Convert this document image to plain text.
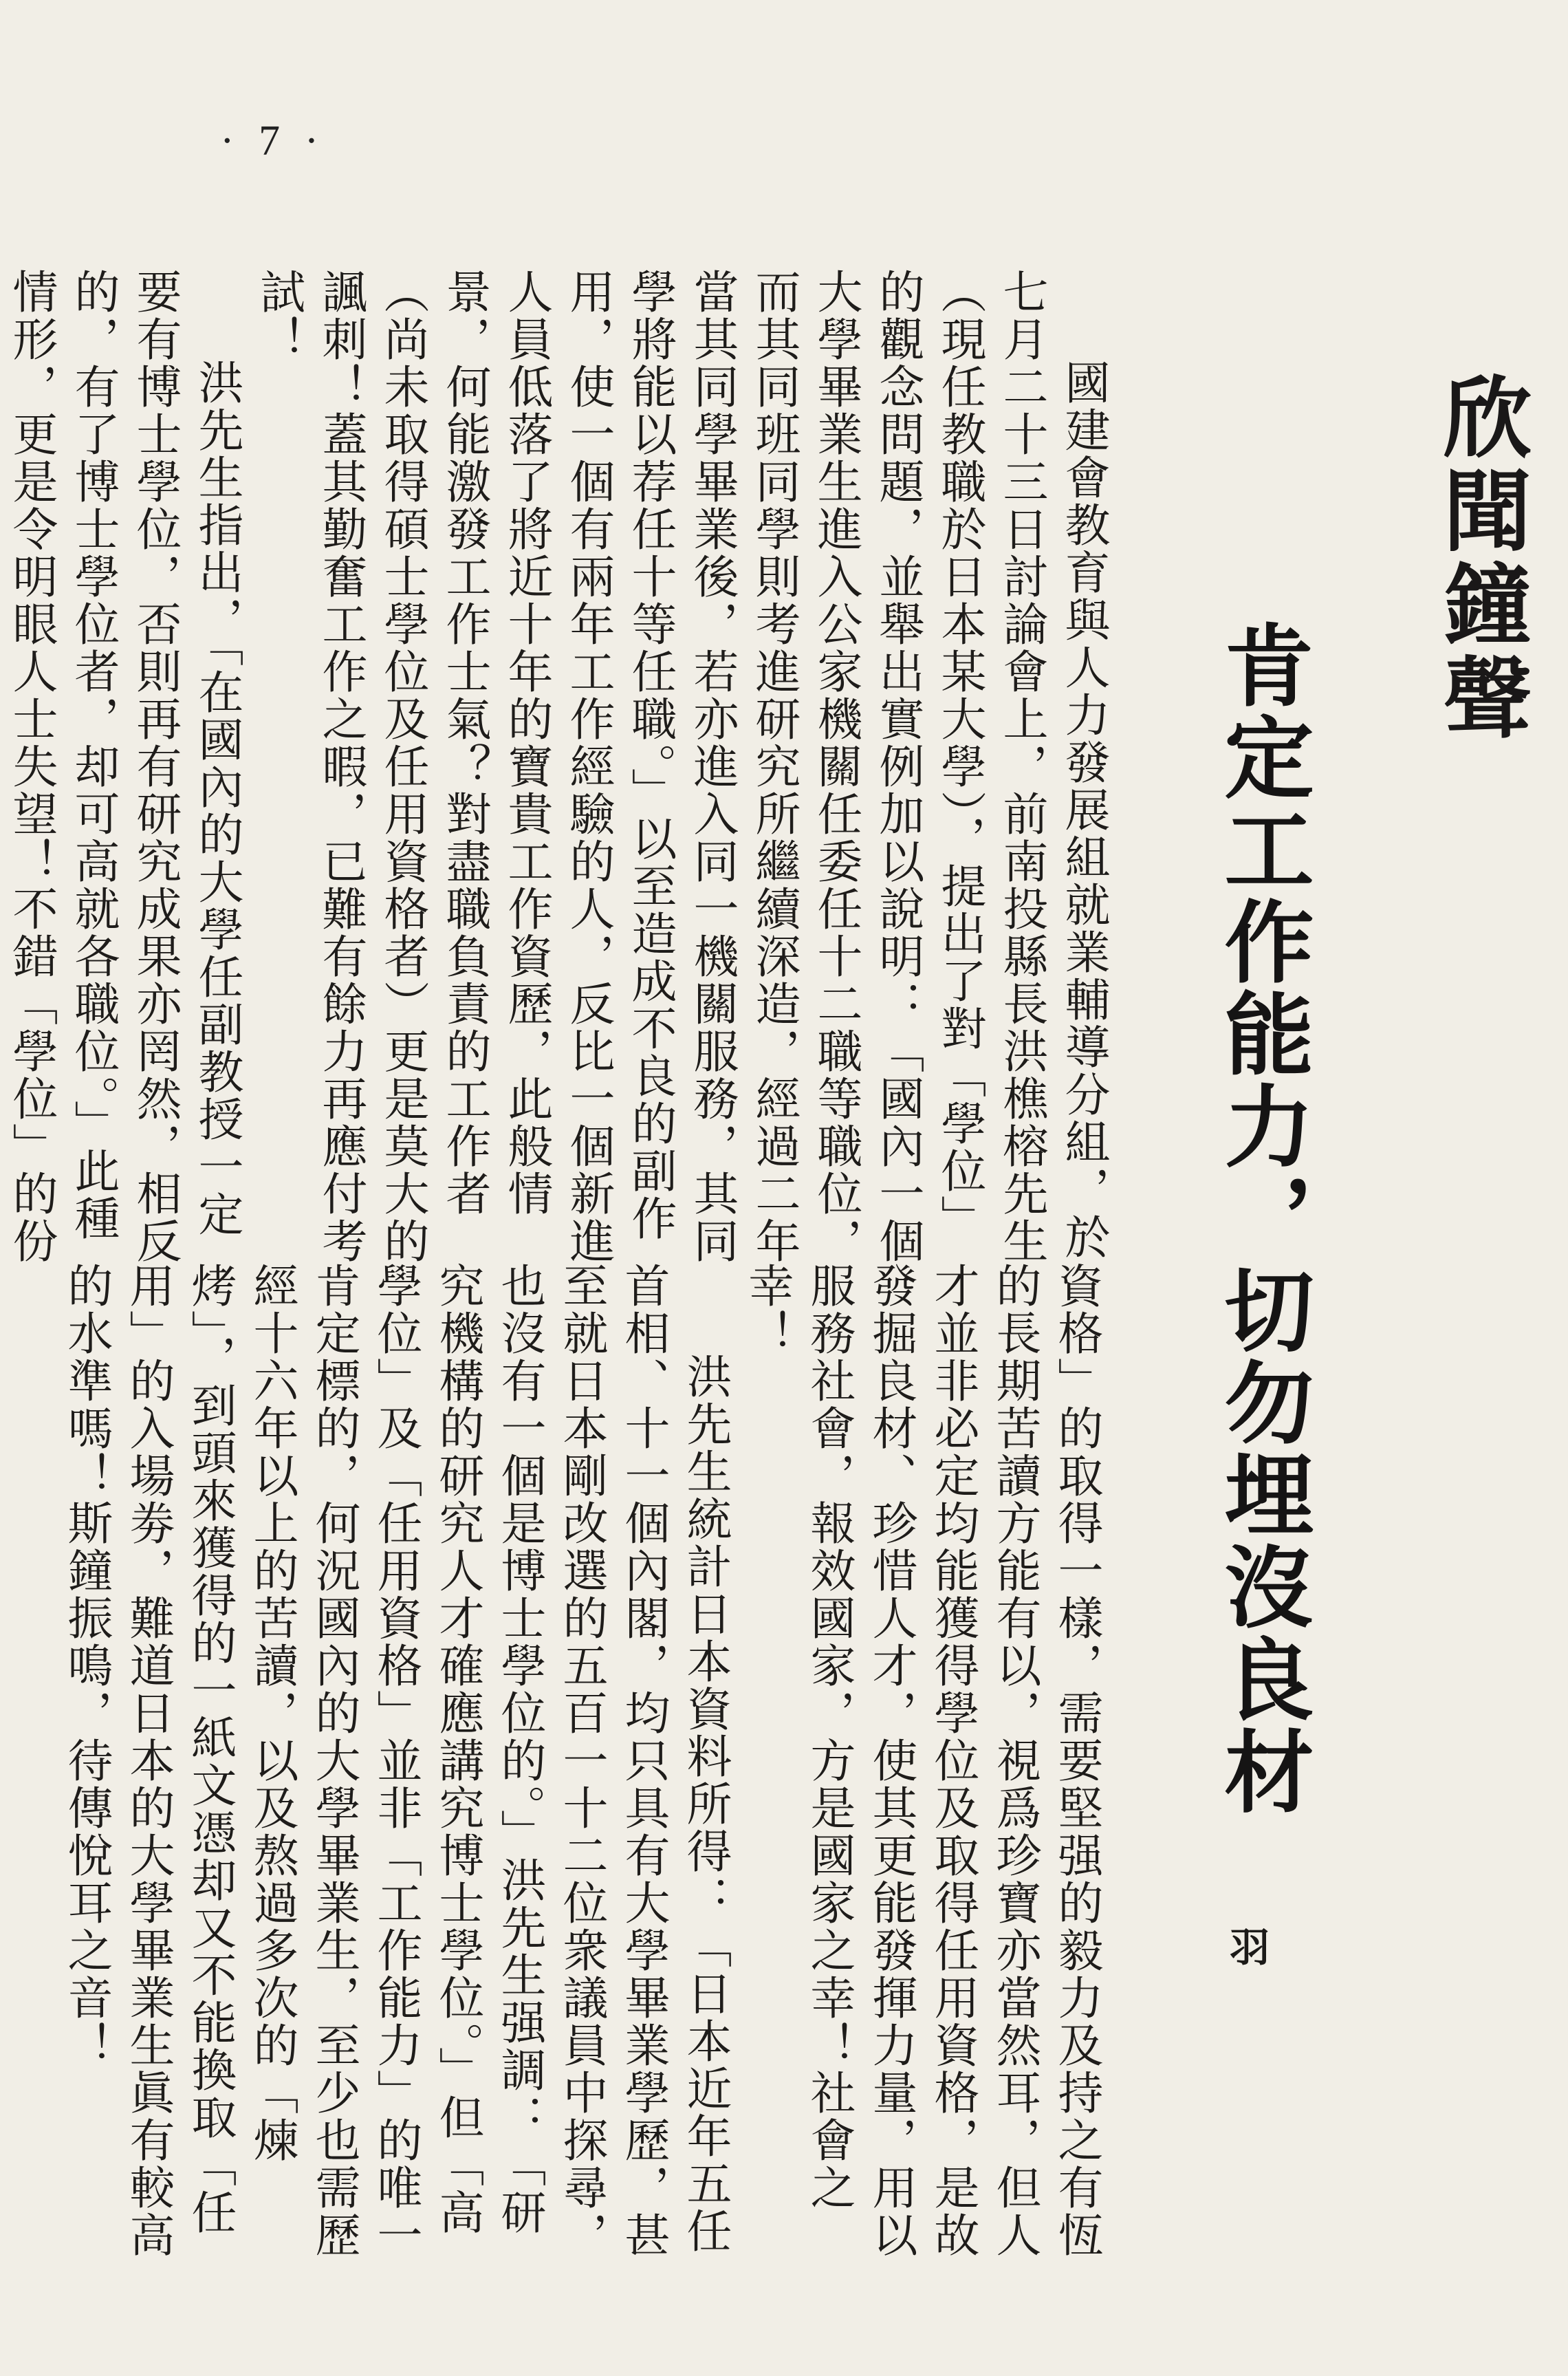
· 7 ·
欣聞鐘聲
肯定工作能力，切勿埋沒良材
羽

國建會教育與人力發展組就業輔導分組，於七月二十三日討論會上，前南投縣長洪樵榕先生（現任教職於日本某大學），提出了對「學位」的觀念問題，並舉出實例加以說明：「國內一個大學畢業生進入公家機關任委任十二職等職位，而其同班同學則考進研究所繼續深造，經過二年當其同學畢業後，若亦進入同一機關服務，其同學將能以荐任十等任職。」以至造成不良的副作用，使一個有兩年工作經驗的人，反比一個新進人員低落了將近十年的寶貴工作資歷，此般情景，何能激發工作士氣？對盡職負責的工作者（尚未取得碩士學位及任用資格者）更是莫大的諷刺！蓋其勤奮工作之暇，已難有餘力再應付考試！

洪先生指出，「在國內的大學任副教授一定要有博士學位，否則再有研究成果亦罔然，相反的，有了博士學位者，却可高就各職位。」此種情形，更是令明眼人士失望！不錯「學位」的份

資格」的取得一樣，需要堅强的毅力及持之有恆的長期苦讀方能有以，視爲珍寶亦當然耳，但人才並非必定均能獲得學位及取得任用資格，是故發掘良材、珍惜人才，使其更能發揮力量，用以服務社會，報效國家，方是國家之幸！社會之幸！

洪先生統計日本資料所得：「日本近年五任首相、十一個內閣，均只具有大學畢業學歷，甚至就日本剛改選的五百一十二位衆議員中探尋，也沒有一個是博士學位的。」洪先生强調：「研究機構的研究人才確應講究博士學位。」但「高學位」及「任用資格」並非「工作能力」的唯一肯定標的，何況國內的大學畢業生，至少也需歷經十六年以上的苦讀，以及熬過多次的「煉烤」，到頭來獲得的一紙文憑却又不能換取「任用」的入場劵，難道日本的大學畢業生眞有較高的水準嗎！斯鐘振鳴，待傳悅耳之音！
